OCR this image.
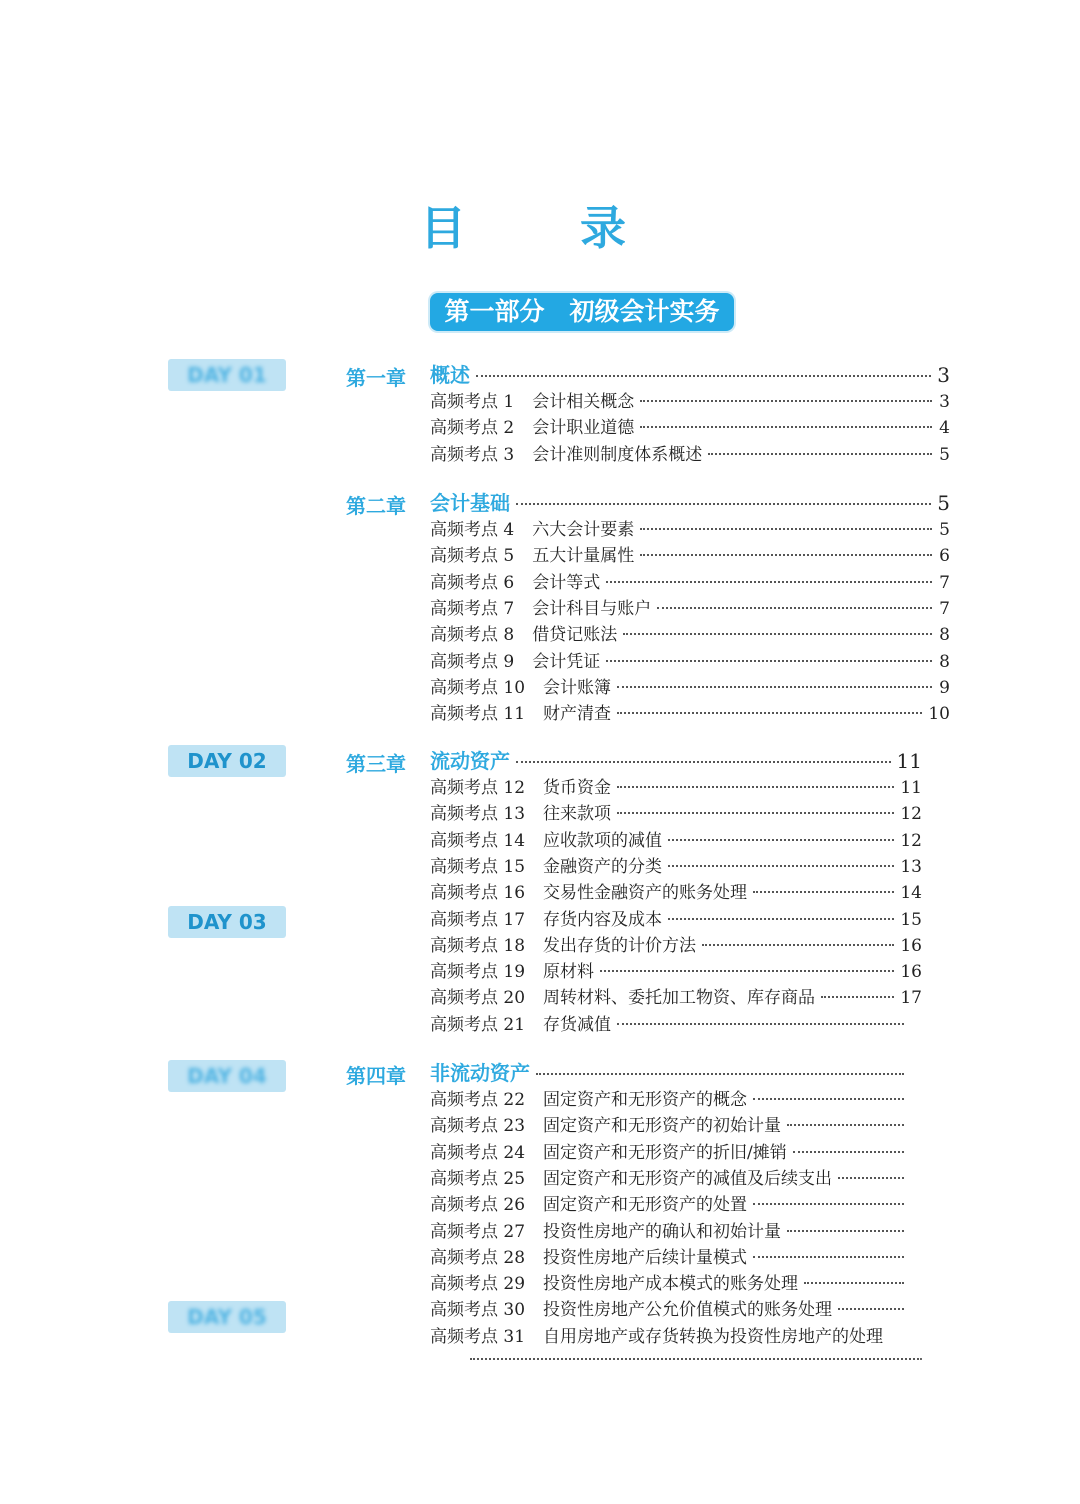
目　录
第一部分　初级会计实务
DAY 01
DAY 02
DAY 03
DAY 04
DAY 05
第一章 概述	3
高频考点 1 会计相关概念	3
高频考点 2 会计职业道德	4
高频考点 3 会计准则制度体系概述	5
第二章 会计基础	5
高频考点 4 六大会计要素	5
高频考点 5 五大计量属性	6
高频考点 6 会计等式	7
高频考点 7 会计科目与账户	7
高频考点 8 借贷记账法	8
高频考点 9 会计凭证	8
高频考点 10 会计账簿	9
高频考点 11 财产清查	10
第三章 流动资产	11
高频考点 12 货币资金	11
高频考点 13 往来款项	12
高频考点 14 应收款项的减值	12
高频考点 15 金融资产的分类	13
高频考点 16 交易性金融资产的账务处理	14
高频考点 17 存货内容及成本	15
高频考点 18 发出存货的计价方法	16
高频考点 19 原材料	16
高频考点 20 周转材料、委托加工物资、库存商品	17
高频考点 21 存货减值
第四章 非流动资产
高频考点 22 固定资产和无形资产的概念
高频考点 23 固定资产和无形资产的初始计量
高频考点 24 固定资产和无形资产的折旧/摊销
高频考点 25 固定资产和无形资产的减值及后续支出
高频考点 26 固定资产和无形资产的处置
高频考点 27 投资性房地产的确认和初始计量
高频考点 28 投资性房地产后续计量模式
高频考点 29 投资性房地产成本模式的账务处理
高频考点 30 投资性房地产公允价值模式的账务处理
高频考点 31 自用房地产或存货转换为投资性房地产的处理
